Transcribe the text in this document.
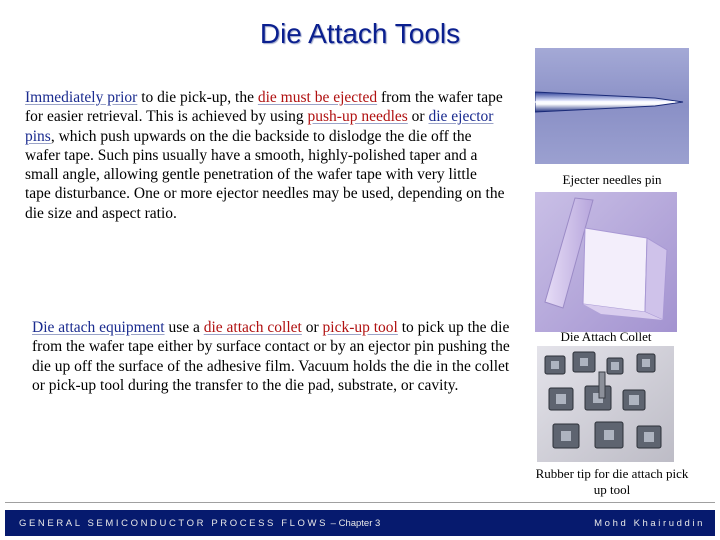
Die Attach Tools
Immediately prior to die pick-up, the die must be ejected from the wafer tape for easier retrieval. This is achieved by using push-up needles or die ejector pins, which push upwards on the die backside to dislodge the die off the wafer tape. Such pins usually have a smooth, highly-polished taper and a small angle, allowing gentle penetration of the wafer tape with very little tape disturbance. One or more ejector needles may be used, depending on the die size and aspect ratio.
Die attach equipment use a die attach collet or pick-up tool to pick up the die from the wafer tape either by surface contact or by an ejector pin pushing the die up off the surface of the adhesive film. Vacuum holds the die in the collet or pick-up tool during the transfer to the die pad, substrate, or cavity.
Ejecter needles pin
Die Attach Collet
Rubber tip for die attach pick up tool
GENERAL SEMICONDUCTOR PROCESS FLOWS – Chapter 3	Mohd Khairuddin
